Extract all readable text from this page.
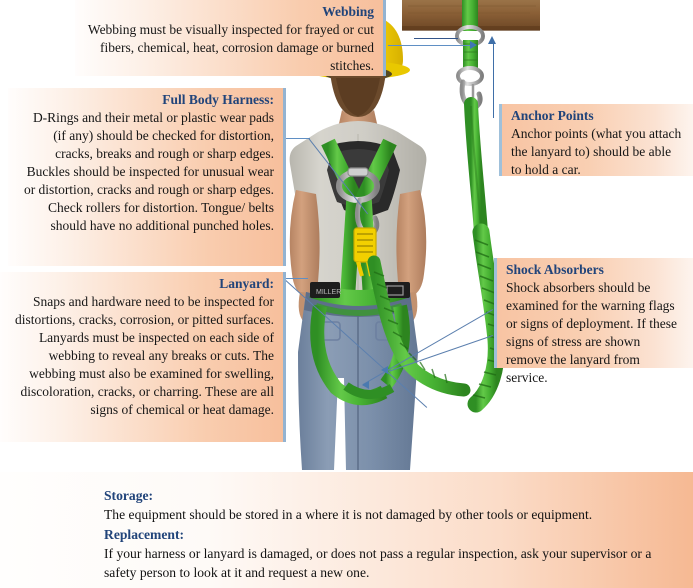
MILLER
Webbing

Webbing must be visually inspected for frayed or cut fibers, chemical, heat, corrosion damage or burned stitches.

Full Body Harness:

D-Rings and their metal or plastic wear pads (if any) should be checked for distortion, cracks, breaks and rough or sharp edges. Buckles should be inspected for unusual wear or distortion, cracks and rough or sharp edges. Check rollers for distortion. Tongue/ belts should have no additional punched holes.

Lanyard:

Snaps and hardware need to be inspected for distortions, cracks, corrosion, or pitted surfaces. Lanyards must be inspected on each side of webbing to reveal any breaks or cuts. The webbing must also be examined for swelling, discoloration, cracks, or charring. These are all signs of chemical or heat damage.

Anchor Points

Anchor points (what you attach the lanyard to) should be able to hold a car.

Shock Absorbers

Shock absorbers should be examined for the warning flags or signs of deployment. If these signs of stress are shown remove the lanyard from service.

Storage:
The equipment should be stored in a where it is not damaged by other tools or equipment.
Replacement:
If your harness or lanyard is damaged, or does not pass a regular inspection, ask your supervisor or a safety person to look at it and request a new one.
